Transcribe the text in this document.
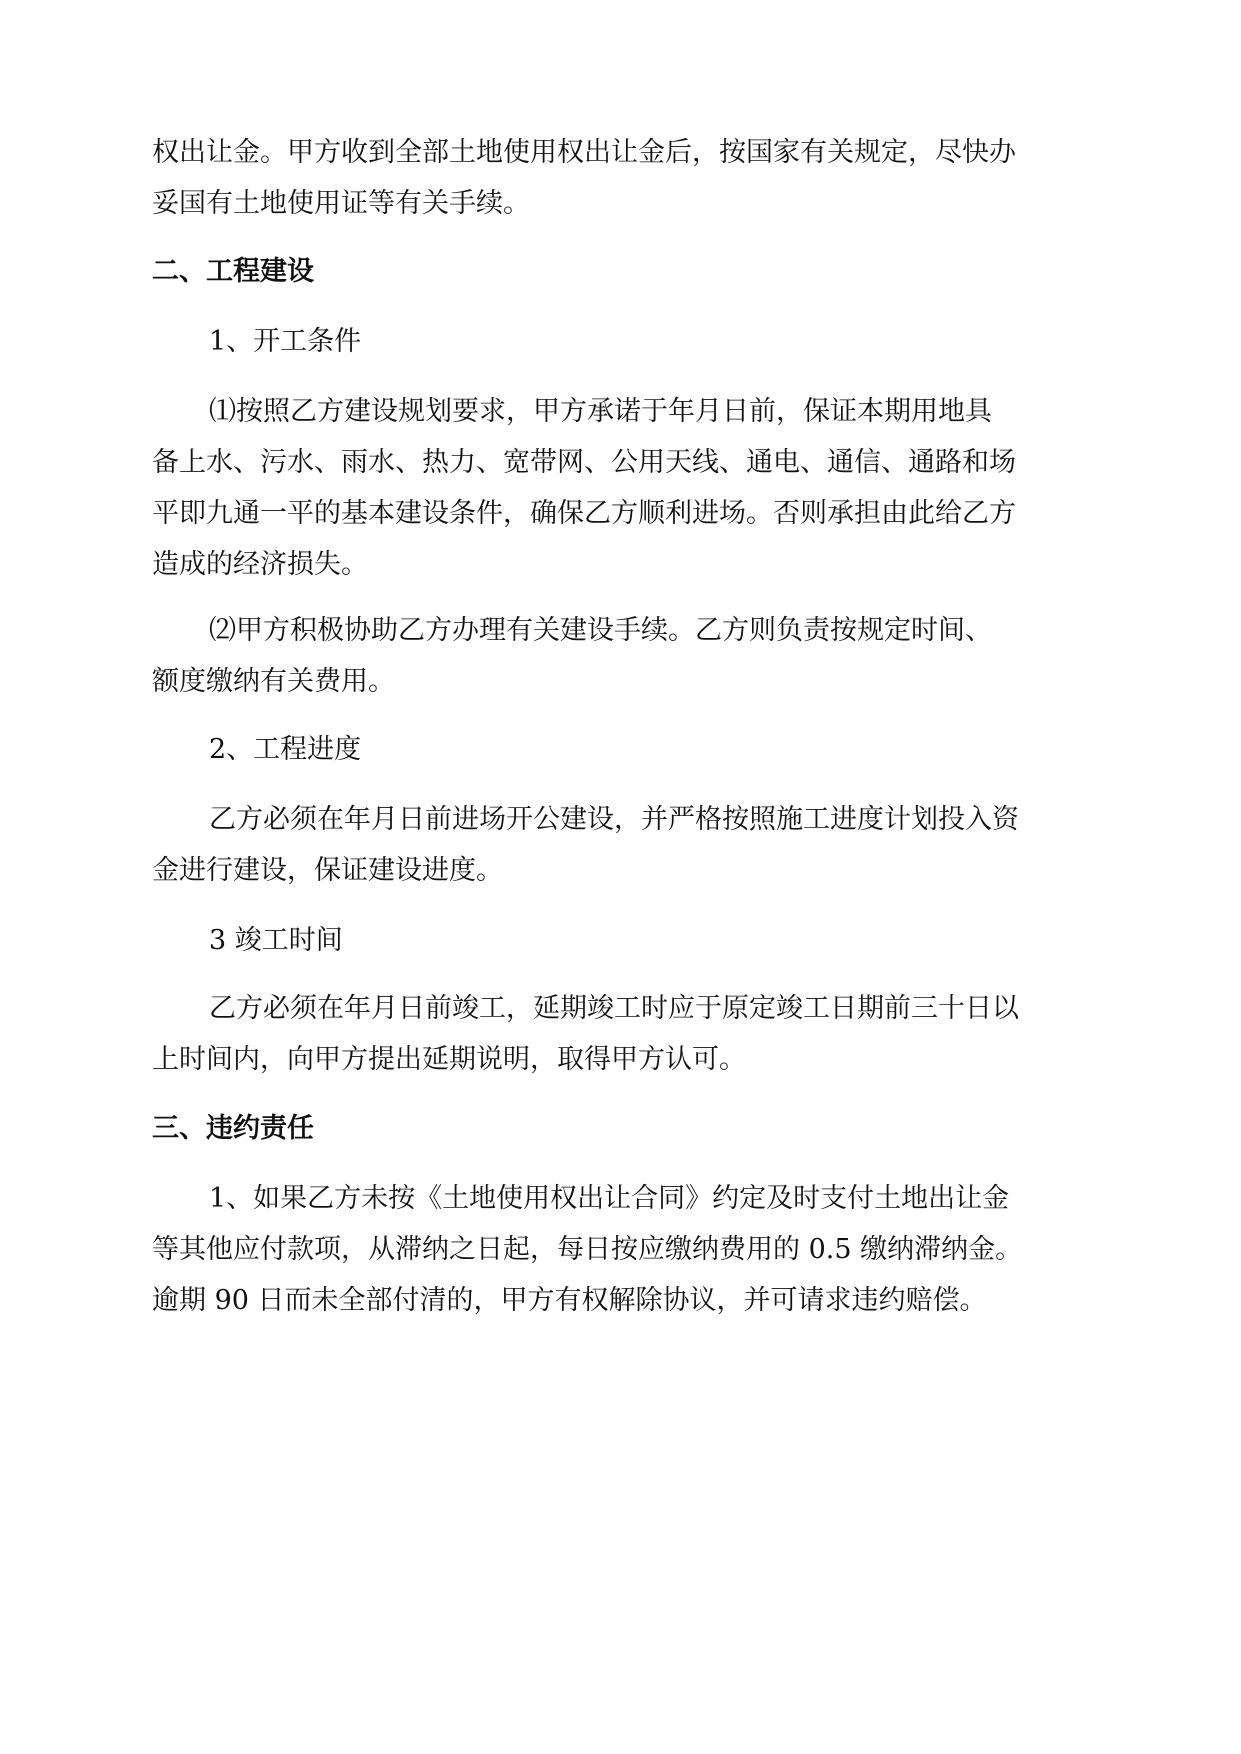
权出让金。甲方收到全部土地使用权出让金后，按国家有关规定，尽快办
妥国有土地使用证等有关手续。
二、工程建设
1、开工条件
⑴按照乙方建设规划要求，甲方承诺于年月日前，保证本期用地具
备上水、污水、雨水、热力、宽带网、公用天线、通电、通信、通路和场
平即九通一平的基本建设条件，确保乙方顺利进场。否则承担由此给乙方
造成的经济损失。
⑵甲方积极协助乙方办理有关建设手续。乙方则负责按规定时间、
额度缴纳有关费用。
2、工程进度
乙方必须在年月日前进场开公建设，并严格按照施工进度计划投入资
金进行建设，保证建设进度。
3 竣工时间
乙方必须在年月日前竣工，延期竣工时应于原定竣工日期前三十日以
上时间内，向甲方提出延期说明，取得甲方认可。
三、违约责任
1、如果乙方未按《土地使用权出让合同》约定及时支付土地出让金
等其他应付款项，从滞纳之日起，每日按应缴纳费用的 0.5 缴纳滞纳金。
逾期 90 日而未全部付清的，甲方有权解除协议，并可请求违约赔偿。
